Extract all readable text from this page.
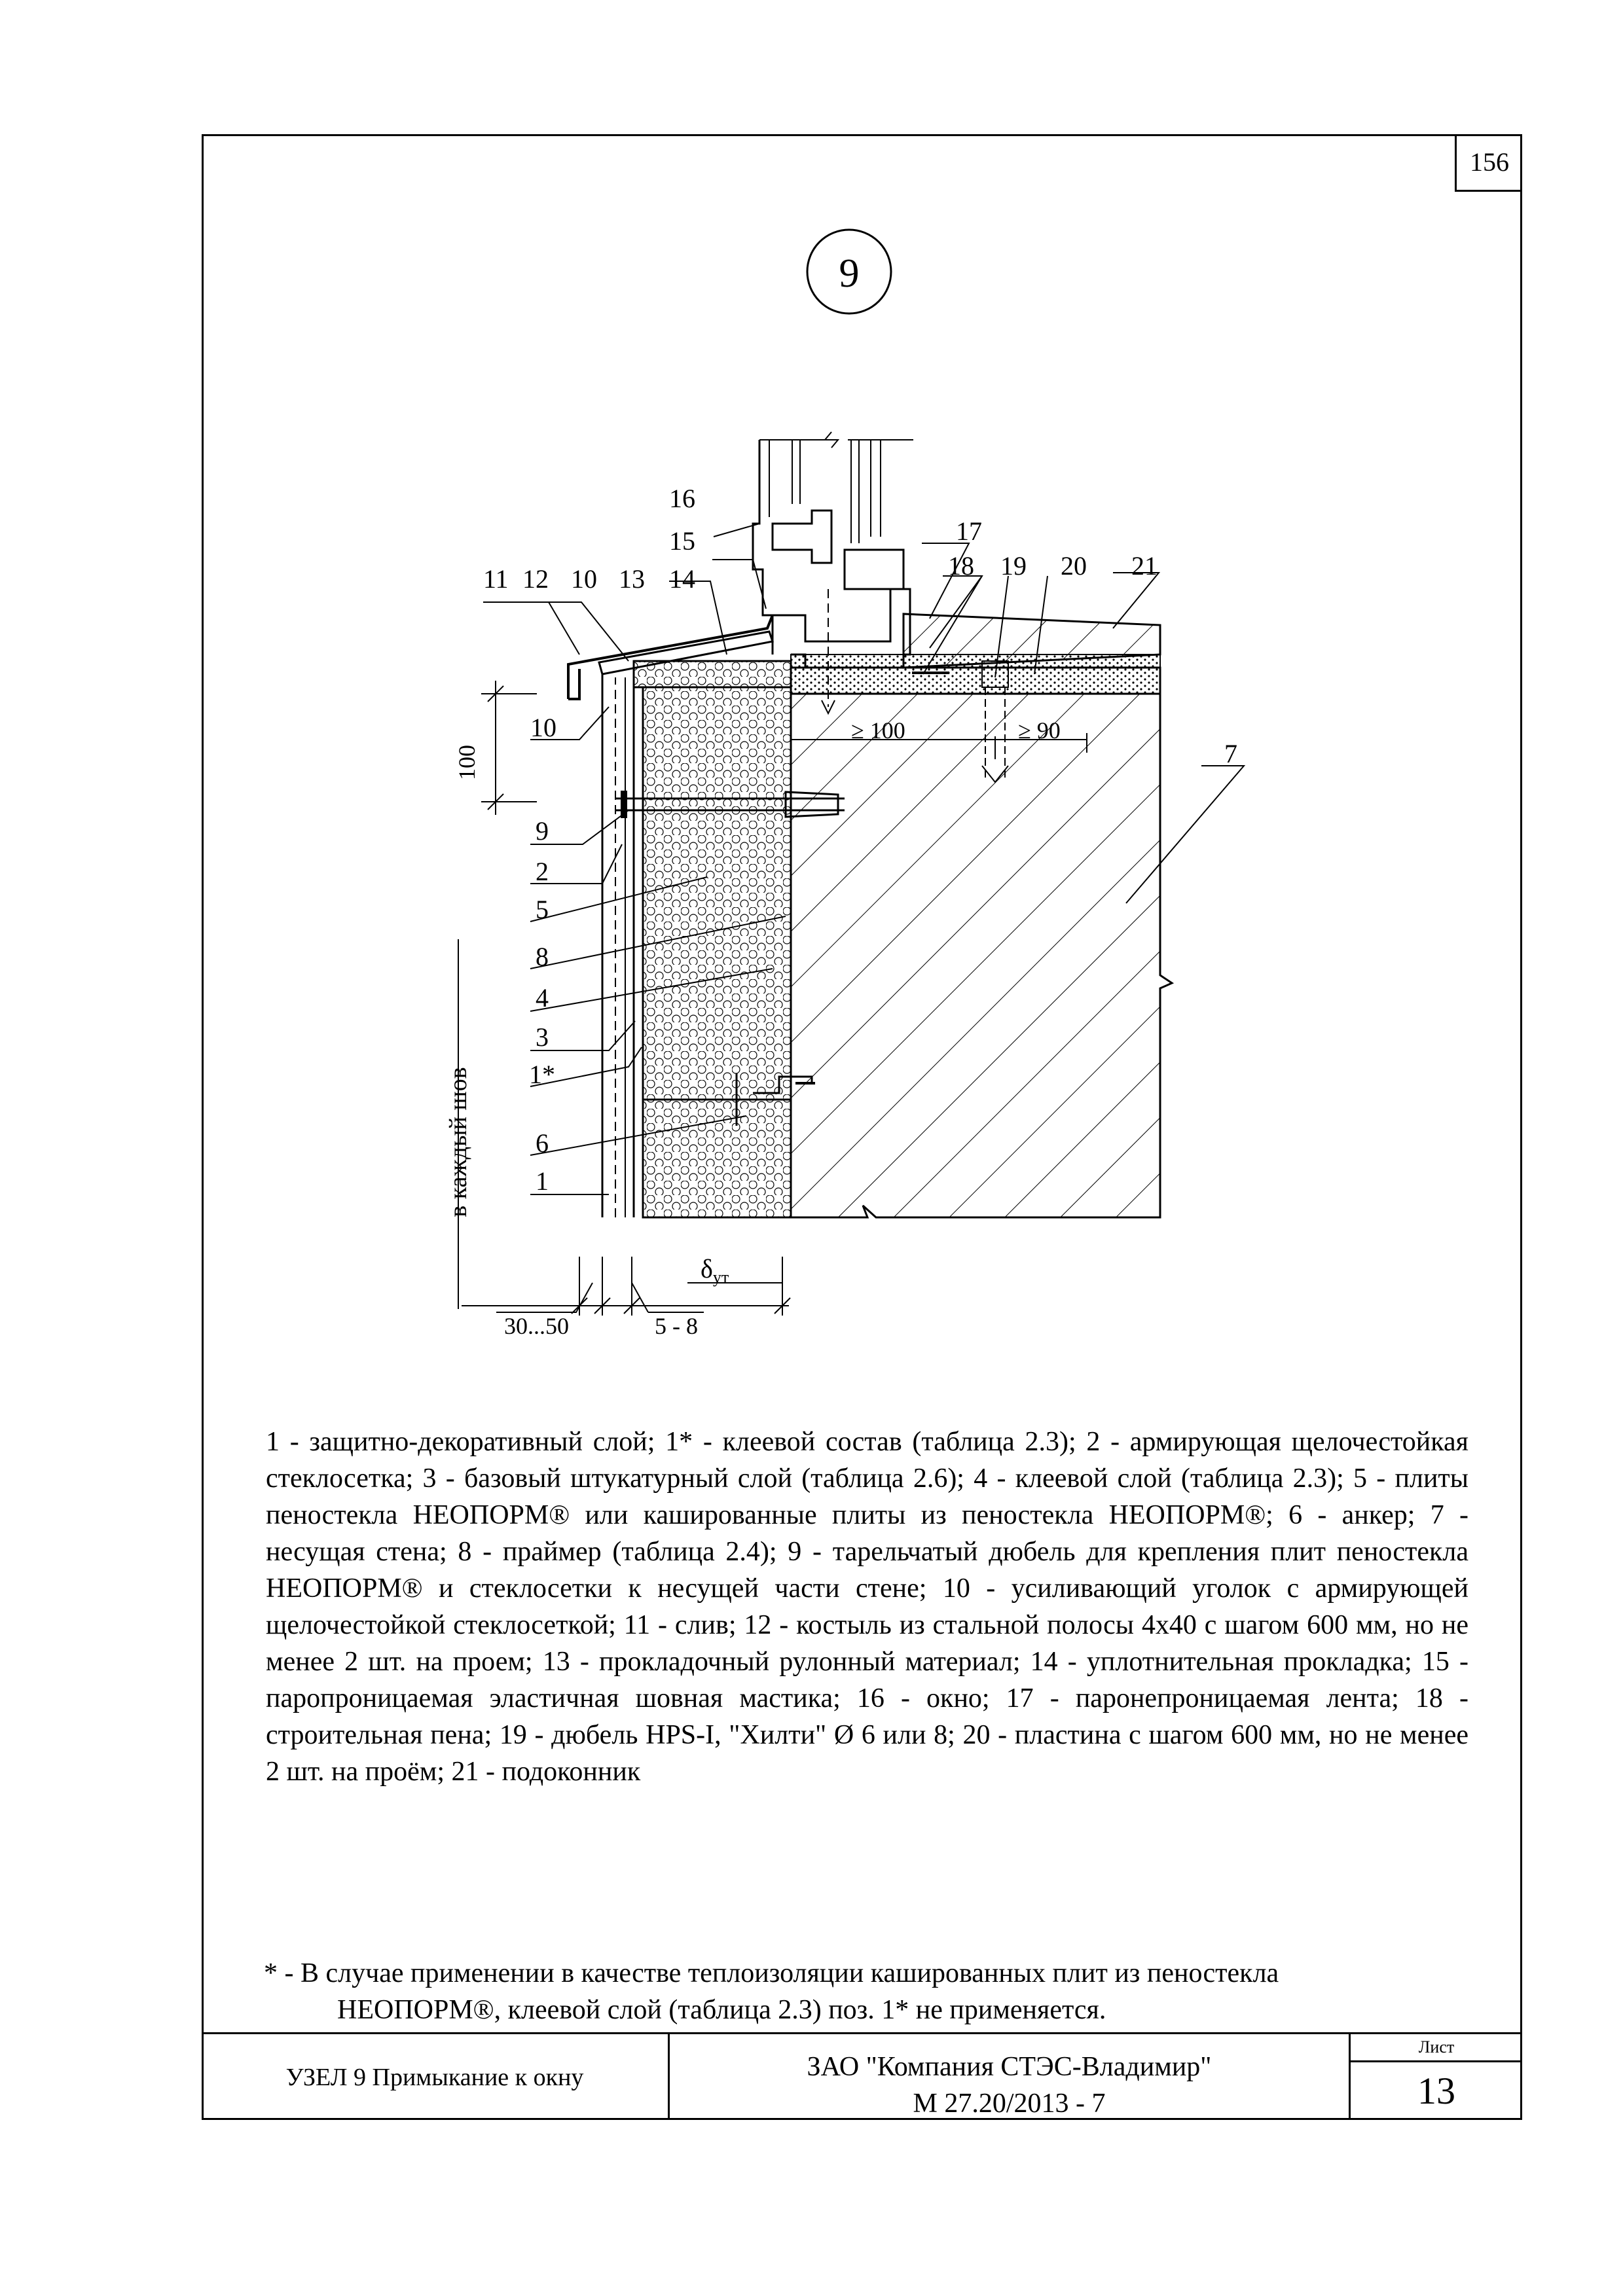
156
9
16
15	17
18 19 20 21
11 12 10 13 14
10
7
9
2
5
8
4
3
1*
6
1
100
≥ 100	≥ 90
в каждый шов
30...50	5 - 8
$\delta_{ут}$
1 - защитно-декоративный слой; 1* - клеевой состав (таблица 2.3); 2 - армирующая щелочестойкая стеклосетка; 3 - базовый штукатурный слой (таблица 2.6); 4 - клеевой слой (таблица 2.3); 5 - плиты пеностекла НЕОПОРМ® или кашированные плиты из пеностекла НЕОПОРМ®; 6 - анкер; 7 - несущая стена; 8 - праймер (таблица 2.4); 9 - тарельчатый дюбель для крепления плит пеностекла НЕОПОРМ® и стеклосетки к несущей части стене; 10 - усиливающий уголок с армирующей щелочестойкой стеклосеткой; 11 - слив; 12 - костыль из стальной полосы 4х40 с шагом 600 мм, но не менее 2 шт. на проем; 13 - прокладочный рулонный материал; 14 - уплотнительная прокладка; 15 - паропроницаемая эластичная шовная мастика; 16 - окно; 17 - паронепроницаемая лента; 18 - строительная пена; 19 - дюбель HPS-I, "Хилти" Ø 6 или 8; 20 - пластина с шагом 600 мм, но не менее 2 шт. на проём; 21 - подоконник
* - В случае применении в качестве теплоизоляции кашированных плит из пеностекла
НЕОПОРМ®, клеевой слой (таблица 2.3) поз. 1* не применяется.
УЗЕЛ 9 Примыкание к окну	ЗАО "Компания СТЭС-Владимир"
М 27.20/2013 - 7
Лист
13
